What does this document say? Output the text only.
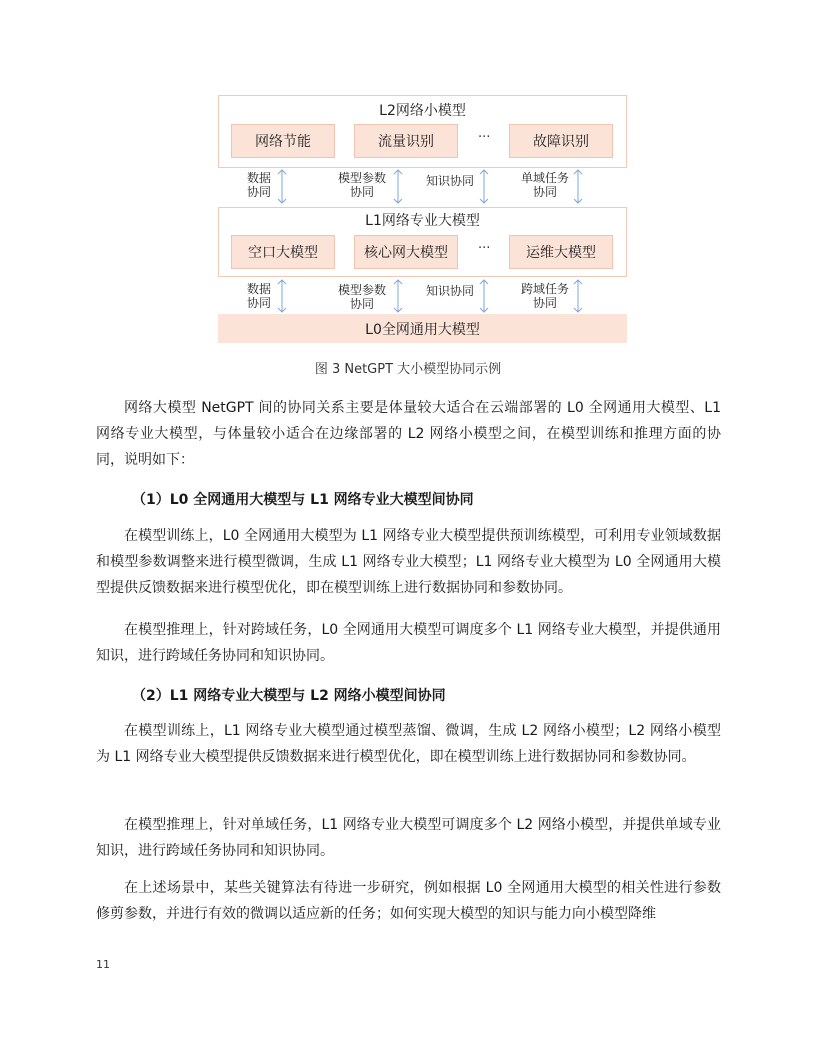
L2网络小模型
网络节能	流量识别	···	故障识别
数据
协同
模型参数
协同
知识协同	单域任务
协同
L1网络专业大模型
空口大模型	核心网大模型	···	运维大模型
数据
协同
模型参数
协同
知识协同	跨域任务
协同
L0全网通用大模型
图 3 NetGPT 大小模型协同示例

网络大模型 NetGPT 间的协同关系主要是体量较大适合在云端部署的 L0 全网通用大模型、L1 网络专业大模型，与体量较小适合在边缘部署的 L2 网络小模型之间，在模型训练和推理方面的协同，说明如下：

（1）L0 全网通用大模型与 L1 网络专业大模型间协同

在模型训练上，L0 全网通用大模型为 L1 网络专业大模型提供预训练模型，可利用专业领域数据和模型参数调整来进行模型微调，生成 L1 网络专业大模型；L1 网络专业大模型为 L0 全网通用大模型提供反馈数据来进行模型优化，即在模型训练上进行数据协同和参数协同。

在模型推理上，针对跨域任务，L0 全网通用大模型可调度多个 L1 网络专业大模型，并提供通用知识，进行跨域任务协同和知识协同。

（2）L1 网络专业大模型与 L2 网络小模型间协同

在模型训练上，L1 网络专业大模型通过模型蒸馏、微调，生成 L2 网络小模型；L2 网络小模型为 L1 网络专业大模型提供反馈数据来进行模型优化，即在模型训练上进行数据协同和参数协同。

在模型推理上，针对单域任务，L1 网络专业大模型可调度多个 L2 网络小模型，并提供单域专业知识，进行跨域任务协同和知识协同。

在上述场景中，某些关键算法有待进一步研究，例如根据 L0 全网通用大模型的相关性进行参数修剪参数，并进行有效的微调以适应新的任务；如何实现大模型的知识与能力向小模型降维

11
